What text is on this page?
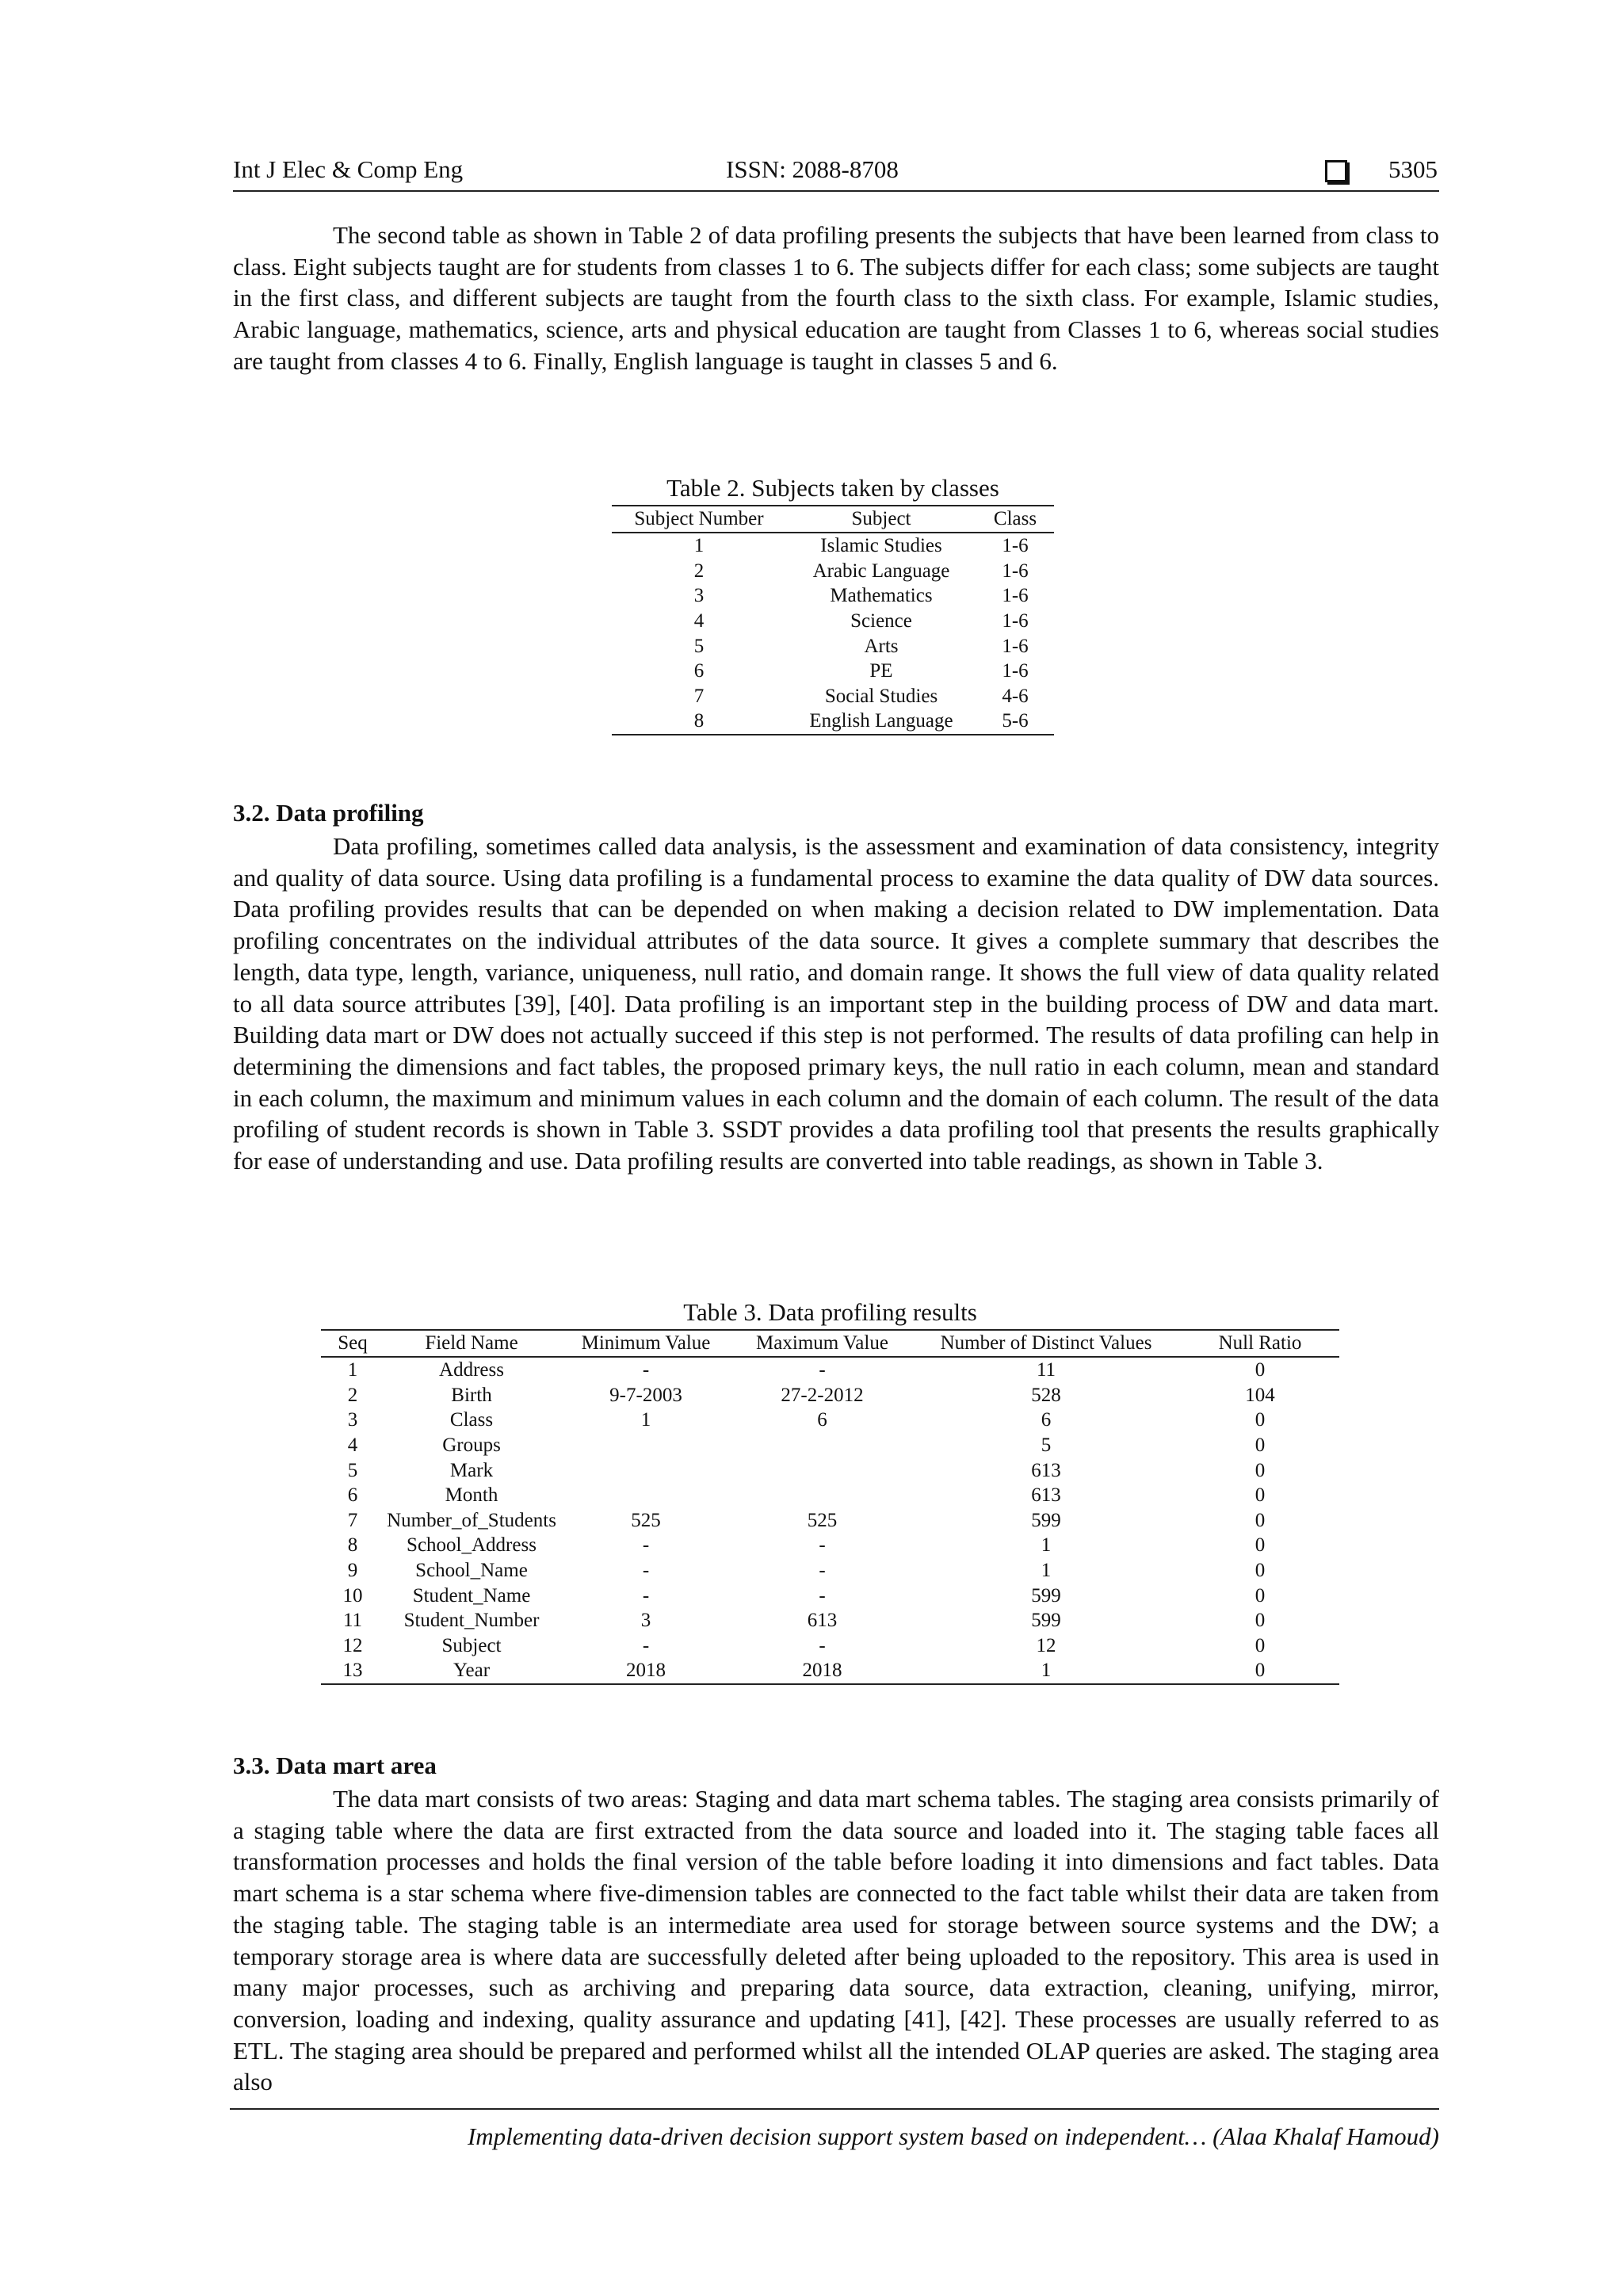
Int J Elec & Comp Eng	ISSN: 2088-8708	5305

The second table as shown in Table 2 of data profiling presents the subjects that have been learned from class to class. Eight subjects taught are for students from classes 1 to 6. The subjects differ for each class; some subjects are taught in the first class, and different subjects are taught from the fourth class to the sixth class. For example, Islamic studies, Arabic language, mathematics, science, arts and physical education are taught from Classes 1 to 6, whereas social studies are taught from classes 4 to 6. Finally, English language is taught in classes 5 and 6.

Table 2. Subjects taken by classes
Subject Number	Subject	Class
1	Islamic Studies	1-6
2	Arabic Language	1-6
3	Mathematics	1-6
4	Science	1-6
5	Arts	1-6
6	PE	1-6
7	Social Studies	4-6
8	English Language	5-6
3.2. Data profiling

Data profiling, sometimes called data analysis, is the assessment and examination of data consistency, integrity and quality of data source. Using data profiling is a fundamental process to examine the data quality of DW data sources. Data profiling provides results that can be depended on when making a decision related to DW implementation. Data profiling concentrates on the individual attributes of the data source. It gives a complete summary that describes the length, data type, length, variance, uniqueness, null ratio, and domain range. It shows the full view of data quality related to all data source attributes [39], [40]. Data profiling is an important step in the building process of DW and data mart. Building data mart or DW does not actually succeed if this step is not performed. The results of data profiling can help in determining the dimensions and fact tables, the proposed primary keys, the null ratio in each column, mean and standard in each column, the maximum and minimum values in each column and the domain of each column. The result of the data profiling of student records is shown in Table 3. SSDT provides a data profiling tool that presents the results graphically for ease of understanding and use. Data profiling results are converted into table readings, as shown in Table 3.

Table 3. Data profiling results
Seq	Field Name	Minimum Value	Maximum Value	Number of Distinct Values	Null Ratio
1	Address	-	-	11	0
2	Birth	9-7-2003	27-2-2012	528	104
3	Class	1	6	6	0
4	Groups			5	0
5	Mark			613	0
6	Month			613	0
7	Number_of_Students	525	525	599	0
8	School_Address	-	-	1	0
9	School_Name	-	-	1	0
10	Student_Name	-	-	599	0
11	Student_Number	3	613	599	0
12	Subject	-	-	12	0
13	Year	2018	2018	1	0
3.3. Data mart area

The data mart consists of two areas: Staging and data mart schema tables. The staging area consists primarily of a staging table where the data are first extracted from the data source and loaded into it. The staging table faces all transformation processes and holds the final version of the table before loading it into dimensions and fact tables. Data mart schema is a star schema where five-dimension tables are connected to the fact table whilst their data are taken from the staging table. The staging table is an intermediate area used for storage between source systems and the DW; a temporary storage area is where data are successfully deleted after being uploaded to the repository. This area is used in many major processes, such as archiving and preparing data source, data extraction, cleaning, unifying, mirror, conversion, loading and indexing, quality assurance and updating [41], [42]. These processes are usually referred to as ETL. The staging area should be prepared and performed whilst all the intended OLAP queries are asked. The staging area also

Implementing data-driven decision support system based on independent… (Alaa Khalaf Hamoud)
